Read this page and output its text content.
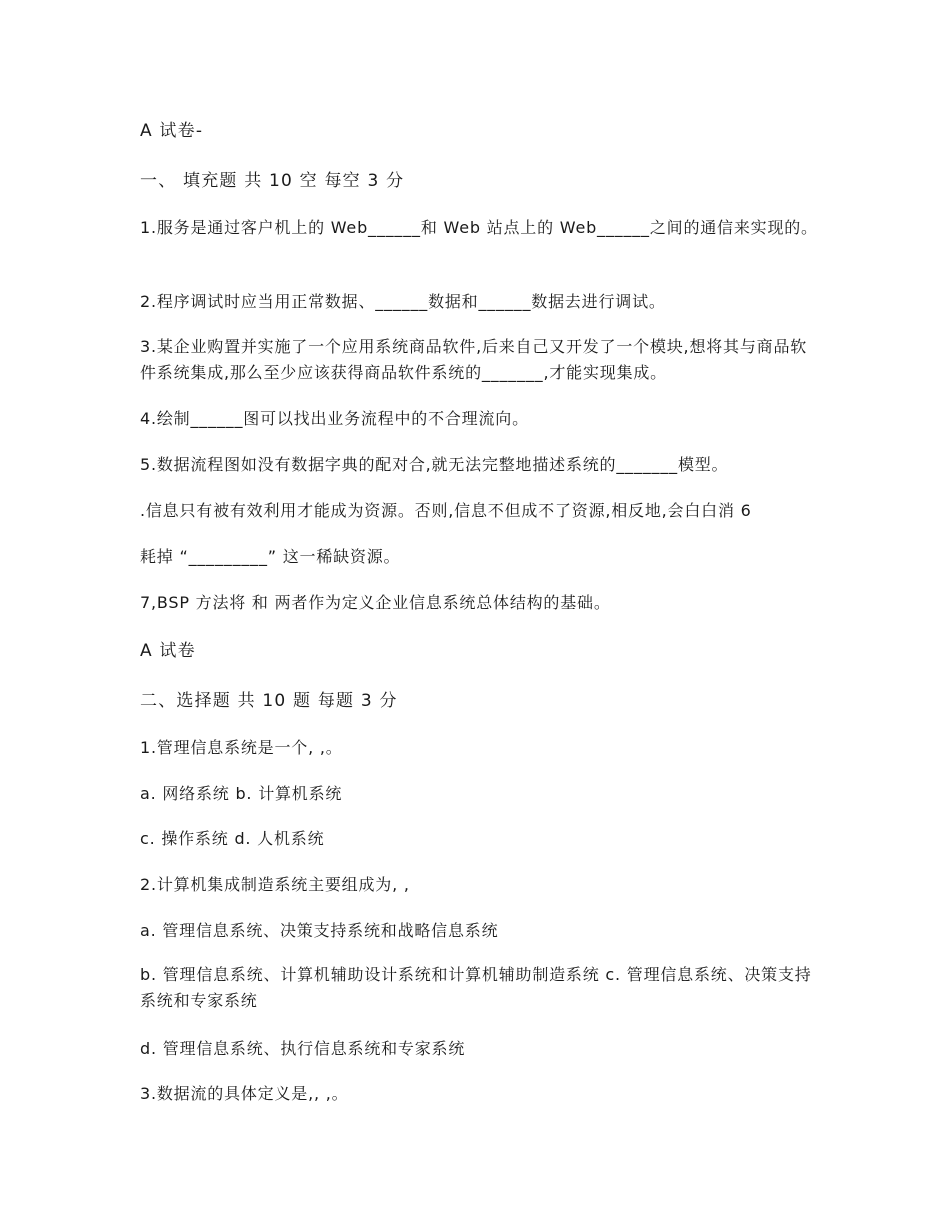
A 试卷-
一、 填充题 共 10 空 每空 3 分
1.服务是通过客户机上的 Web______和 Web 站点上的 Web______之间的通信来实现的。
2.程序调试时应当用正常数据、______数据和______数据去进行调试。
3.某企业购置并实施了一个应用系统商品软件,后来自己又开发了一个模块,想将其与商品软件系统集成,那么至少应该获得商品软件系统的_______,才能实现集成。
4.绘制______图可以找出业务流程中的不合理流向。
5.数据流程图如没有数据字典的配对合,就无法完整地描述系统的_______模型。
.信息只有被有效利用才能成为资源。否则,信息不但成不了资源,相反地,会白白消 6
耗掉 “_________” 这一稀缺资源。
7,BSP 方法将 和 两者作为定义企业信息系统总体结构的基础。
A 试卷
二、选择题 共 10 题 每题 3 分
1.管理信息系统是一个, ,。
a. 网络系统 b. 计算机系统
c. 操作系统 d. 人机系统
2.计算机集成制造系统主要组成为, ,
a. 管理信息系统、决策支持系统和战略信息系统
b. 管理信息系统、计算机辅助设计系统和计算机辅助制造系统 c. 管理信息系统、决策支持系统和专家系统
d. 管理信息系统、执行信息系统和专家系统
3.数据流的具体定义是,, ,。
